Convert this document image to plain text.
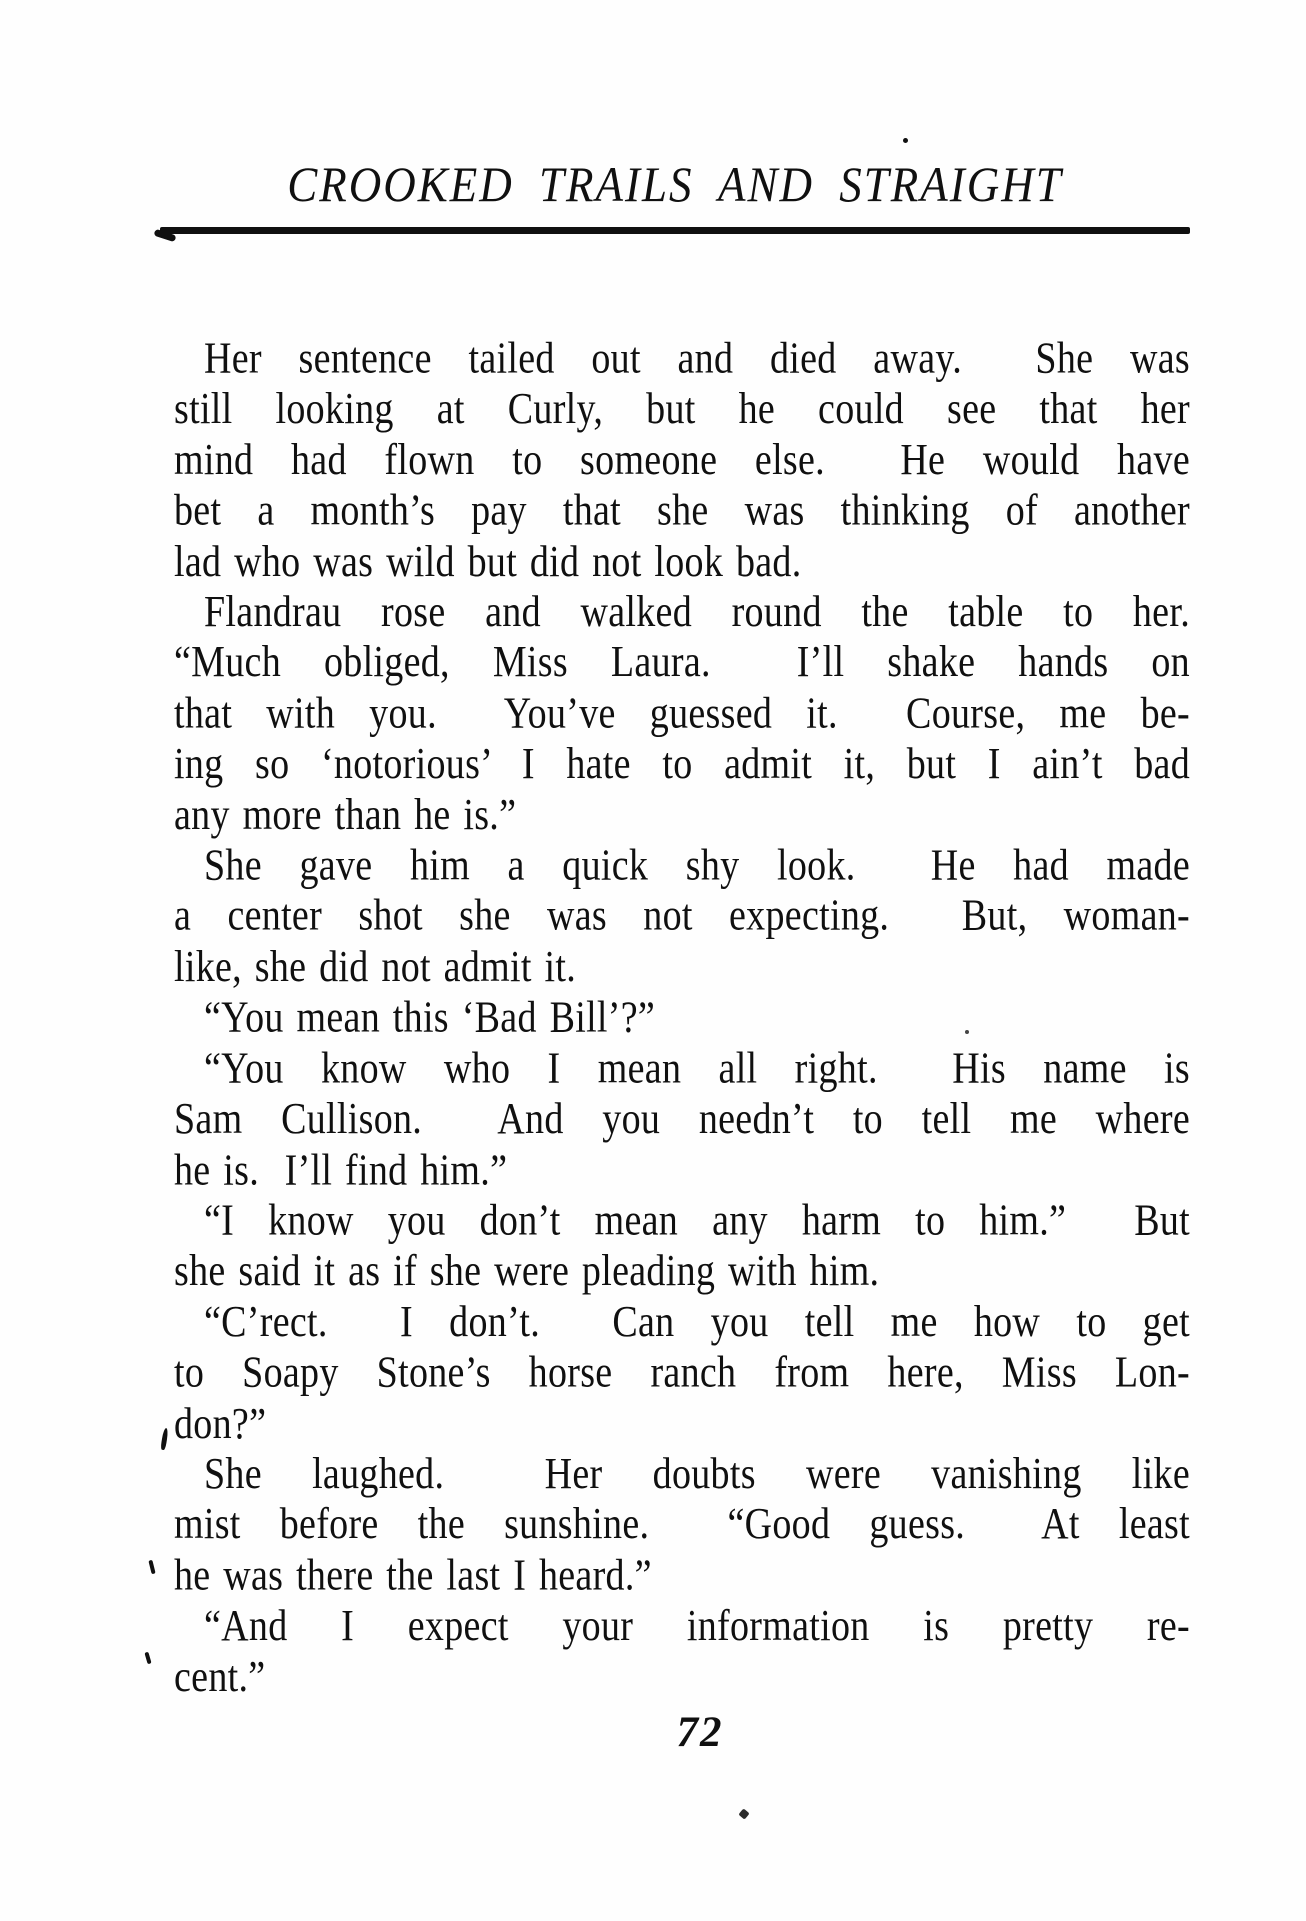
CROOKED TRAILS AND STRAIGHT
Her sentence tailed out and died away.  She was
still looking at Curly, but he could see that her
mind had flown to someone else.  He would have
bet a month’s pay that she was thinking of another
lad who was wild but did not look bad.
Flandrau rose and walked round the table to her.
“Much obliged, Miss Laura.  I’ll shake hands on
that with you.  You’ve guessed it.  Course, me be-
ing so ‘notorious’ I hate to admit it, but I ain’t bad
any more than he is.”
She gave him a quick shy look.  He had made
a center shot she was not expecting.  But, woman-
like, she did not admit it.
“You mean this ‘Bad Bill’?”
“You know who I mean all right.  His name is
Sam Cullison.  And you needn’t to tell me where
he is.  I’ll find him.”
“I know you don’t mean any harm to him.”  But
she said it as if she were pleading with him.
“C’rect.  I don’t.  Can you tell me how to get
to Soapy Stone’s horse ranch from here, Miss Lon-
don?”
She laughed.  Her doubts were vanishing like
mist before the sunshine.  “Good guess.  At least
he was there the last I heard.”
“And I expect your information is pretty re-
cent.”
72
